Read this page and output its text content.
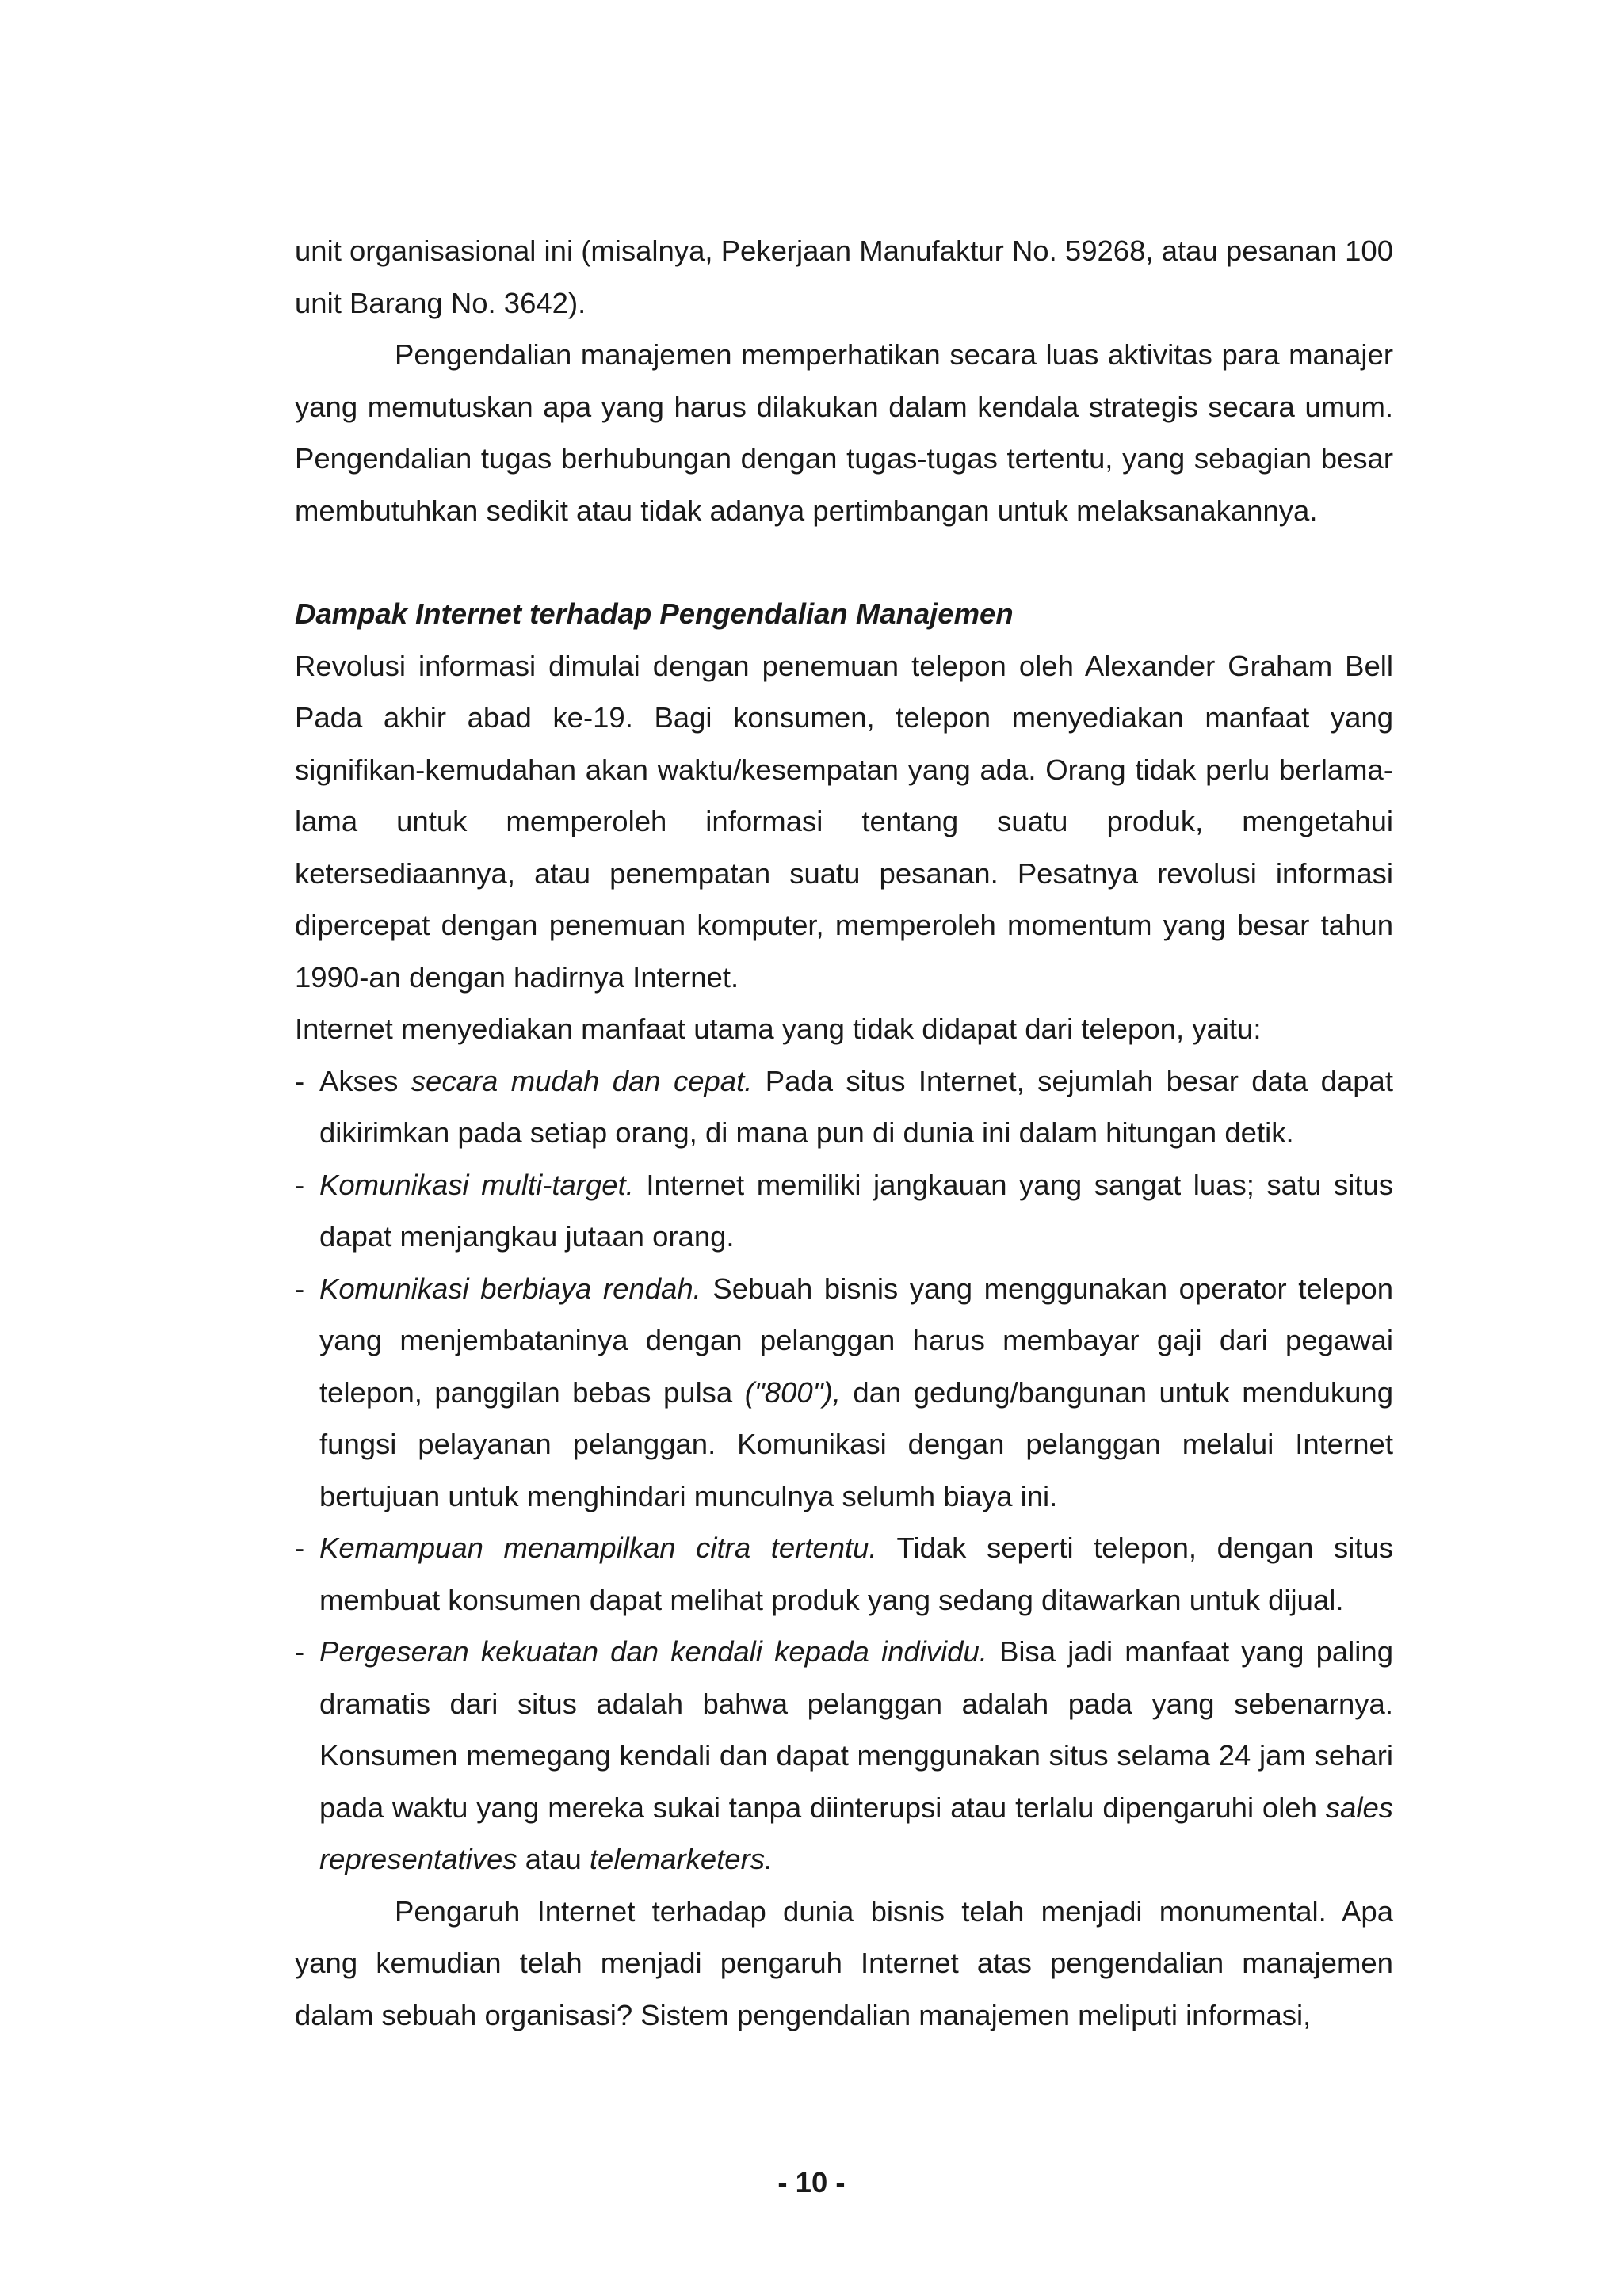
unit organisasional ini (misalnya, Pekerjaan Manufaktur No. 59268, atau pesanan 100 unit Barang No. 3642).

Pengendalian manajemen memperhatikan secara luas aktivitas para manajer yang memutuskan apa yang harus dilakukan dalam kendala strategis secara umum. Pengendalian tugas berhubungan dengan tugas-tugas tertentu, yang sebagian besar membutuhkan sedikit atau tidak adanya pertimbangan untuk melaksanakannya.

Dampak Internet terhadap Pengendalian Manajemen

Revolusi informasi dimulai dengan penemuan telepon oleh Alexander Graham Bell Pada akhir abad ke-19. Bagi konsumen, telepon menyediakan manfaat yang signifikan-kemudahan akan waktu/kesempatan yang ada. Orang tidak perlu berlama-lama untuk memperoleh informasi tentang suatu produk, mengetahui ketersediaannya, atau penempatan suatu pesanan. Pesatnya revolusi informasi dipercepat dengan penemuan komputer, memperoleh momentum yang besar tahun 1990-an dengan hadirnya Internet.

Internet menyediakan manfaat utama yang tidak didapat dari telepon, yaitu:

- Akses secara mudah dan cepat. Pada situs Internet, sejumlah besar data dapat dikirimkan pada setiap orang, di mana pun di dunia ini dalam hitungan detik.
- Komunikasi multi-target. Internet memiliki jangkauan yang sangat luas; satu situs dapat menjangkau jutaan orang.
- Komunikasi berbiaya rendah. Sebuah bisnis yang menggunakan operator telepon yang menjembataninya dengan pelanggan harus membayar gaji dari pegawai telepon, panggilan bebas pulsa ("800"), dan gedung/bangunan untuk mendukung fungsi pelayanan pelanggan. Komunikasi dengan pelanggan melalui Internet bertujuan untuk menghindari munculnya selumh biaya ini.
- Kemampuan menampilkan citra tertentu. Tidak seperti telepon, dengan situs membuat konsumen dapat melihat produk yang sedang ditawarkan untuk dijual.
- Pergeseran kekuatan dan kendali kepada individu. Bisa jadi manfaat yang paling dramatis dari situs adalah bahwa pelanggan adalah pada yang sebenarnya. Konsumen memegang kendali dan dapat menggunakan situs selama 24 jam sehari pada waktu yang mereka sukai tanpa diinterupsi atau terlalu dipengaruhi oleh sales representatives atau telemarketers.

Pengaruh Internet terhadap dunia bisnis telah menjadi monumental. Apa yang kemudian telah menjadi pengaruh Internet atas pengendalian manajemen dalam sebuah organisasi? Sistem pengendalian manajemen meliputi informasi,

- 10 -
